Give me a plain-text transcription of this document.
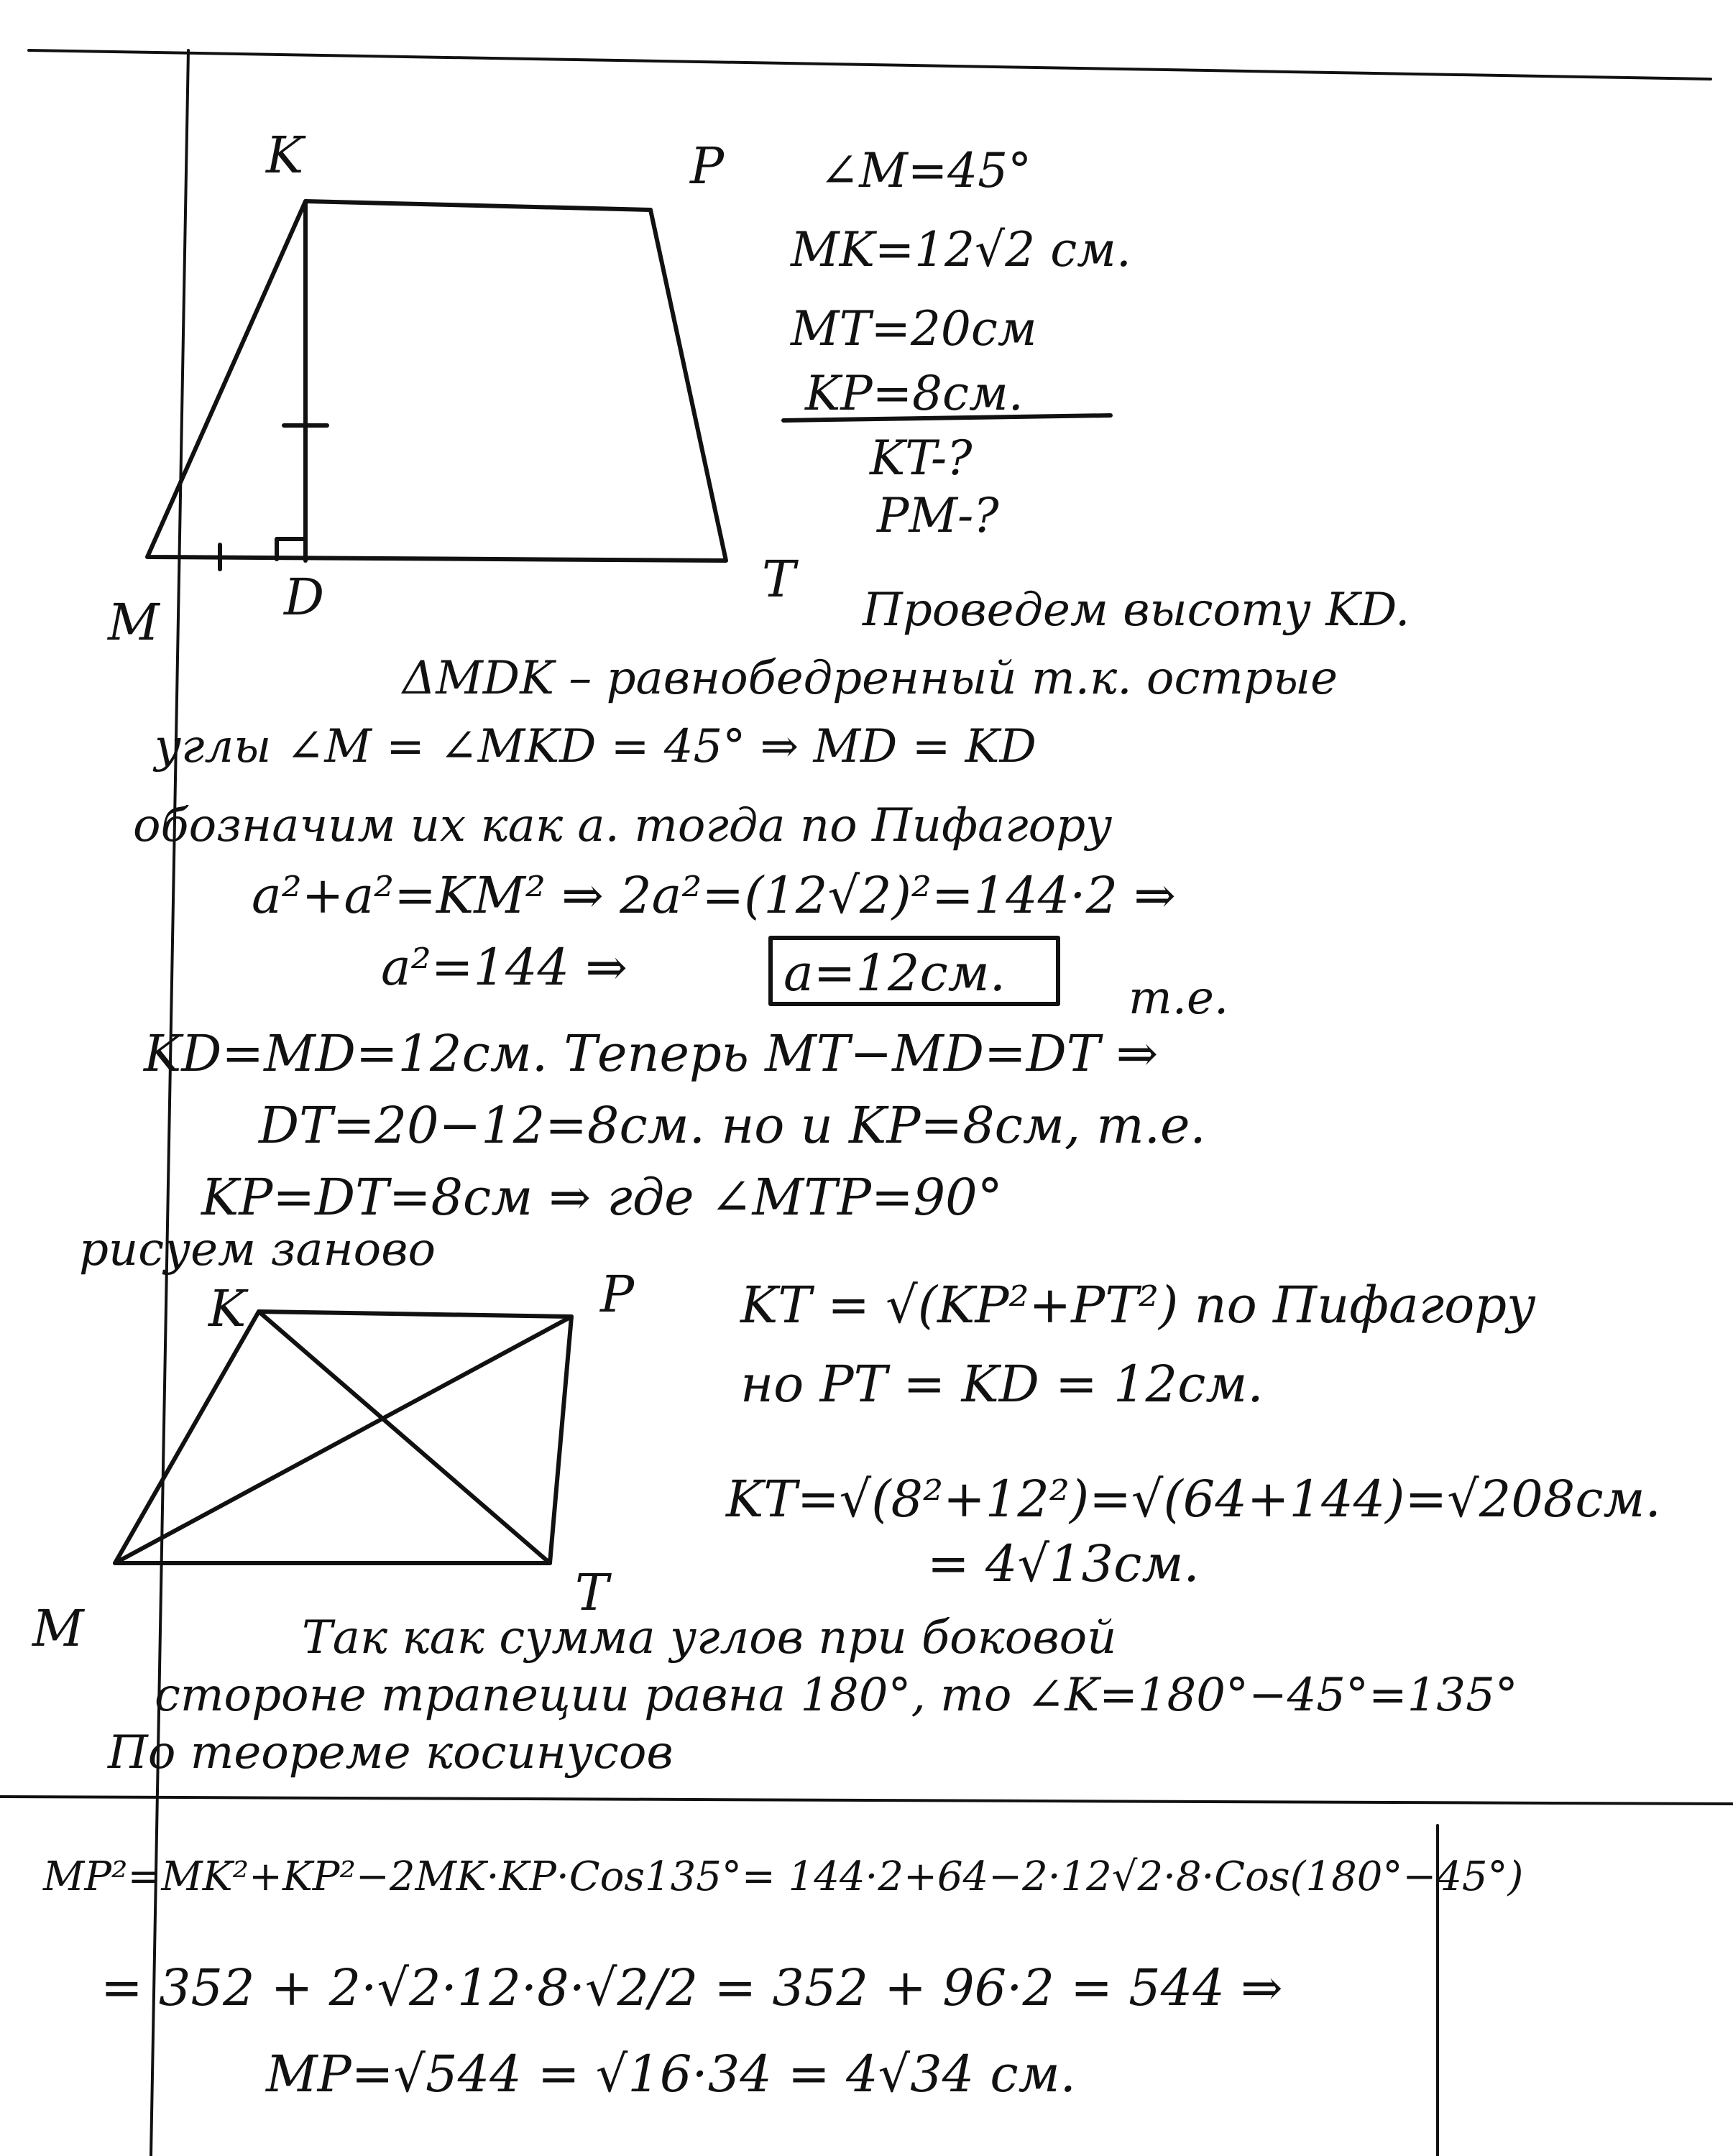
K	P
M D	T
∠M=45°
MK=12√2 см.
MT=20см
KP=8см.
KT-?
PM-?
Проведем высоту KD.
ΔMDK – равнобедренный т.к. острые
углы ∠M = ∠MKD = 45° ⇒ MD = KD
обозначим их как a. тогда по Пифагору
a²+a²=KM² ⇒ 2a²=(12√2)²=144·2 ⇒
a²=144 ⇒	a=12см.	т.е.
KD=MD=12см. Теперь MT−MD=DT ⇒
DT=20−12=8см. но и KP=8см, т.е.
KP=DT=8см ⇒ где ∠MTP=90°
рисуем заново
K	P
M
T
KT = √(KP²+PT²) по Пифагору
но PT = KD = 12см.
KT=√(8²+12²)=√(64+144)=√208см.
= 4√13см.
Так как сумма углов при боковой
стороне трапеции равна 180°, то ∠K=180°−45°=135°
По теореме косинусов
MP²=MK²+KP²−2MK·KP·Cos135°= 144·2+64−2·12√2·8·Cos(180°−45°)
= 352 + 2·√2·12·8·√2/2 = 352 + 96·2 = 544 ⇒
MP=√544 = √16·34 = 4√34 см.
